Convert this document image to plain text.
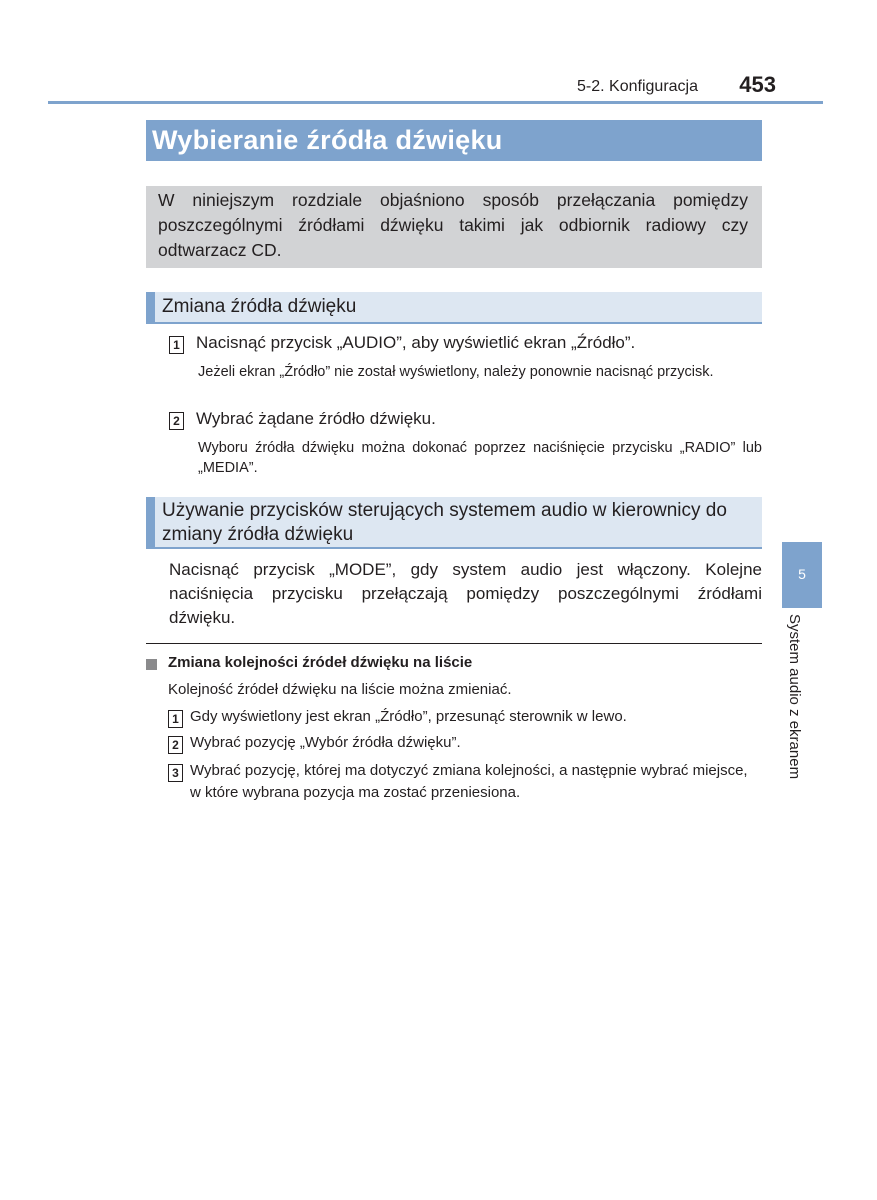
5-2. Konfiguracja	453
Wybieranie źródła dźwięku
W niniejszym rozdziale objaśniono sposób przełączania pomiędzy poszczególnymi źródłami dźwięku takimi jak odbiornik radiowy czy odtwarzacz CD.
Zmiana źródła dźwięku
1 Nacisnąć przycisk „AUDIO”, aby wyświetlić ekran „Źródło”.
Jeżeli ekran „Źródło” nie został wyświetlony, należy ponownie nacisnąć przycisk.
2 Wybrać żądane źródło dźwięku.
Wyboru źródła dźwięku można dokonać poprzez naciśnięcie przycisku „RADIO” lub „MEDIA”.
Używanie przycisków sterujących systemem audio w kierownicy do zmiany źródła dźwięku
Nacisnąć przycisk „MODE”, gdy system audio jest włączony. Kolejne naciśnięcia przycisku przełączają pomiędzy poszczególnymi źródłami dźwięku.
Zmiana kolejności źródeł dźwięku na liście
Kolejność źródeł dźwięku na liście można zmieniać.
1 Gdy wyświetlony jest ekran „Źródło”, przesunąć sterownik w lewo.
2 Wybrać pozycję „Wybór źródła dźwięku”.
3 Wybrać pozycję, której ma dotyczyć zmiana kolejności, a następnie wybrać miejsce, w które wybrana pozycja ma zostać przeniesiona.
5
System audio z ekranem
